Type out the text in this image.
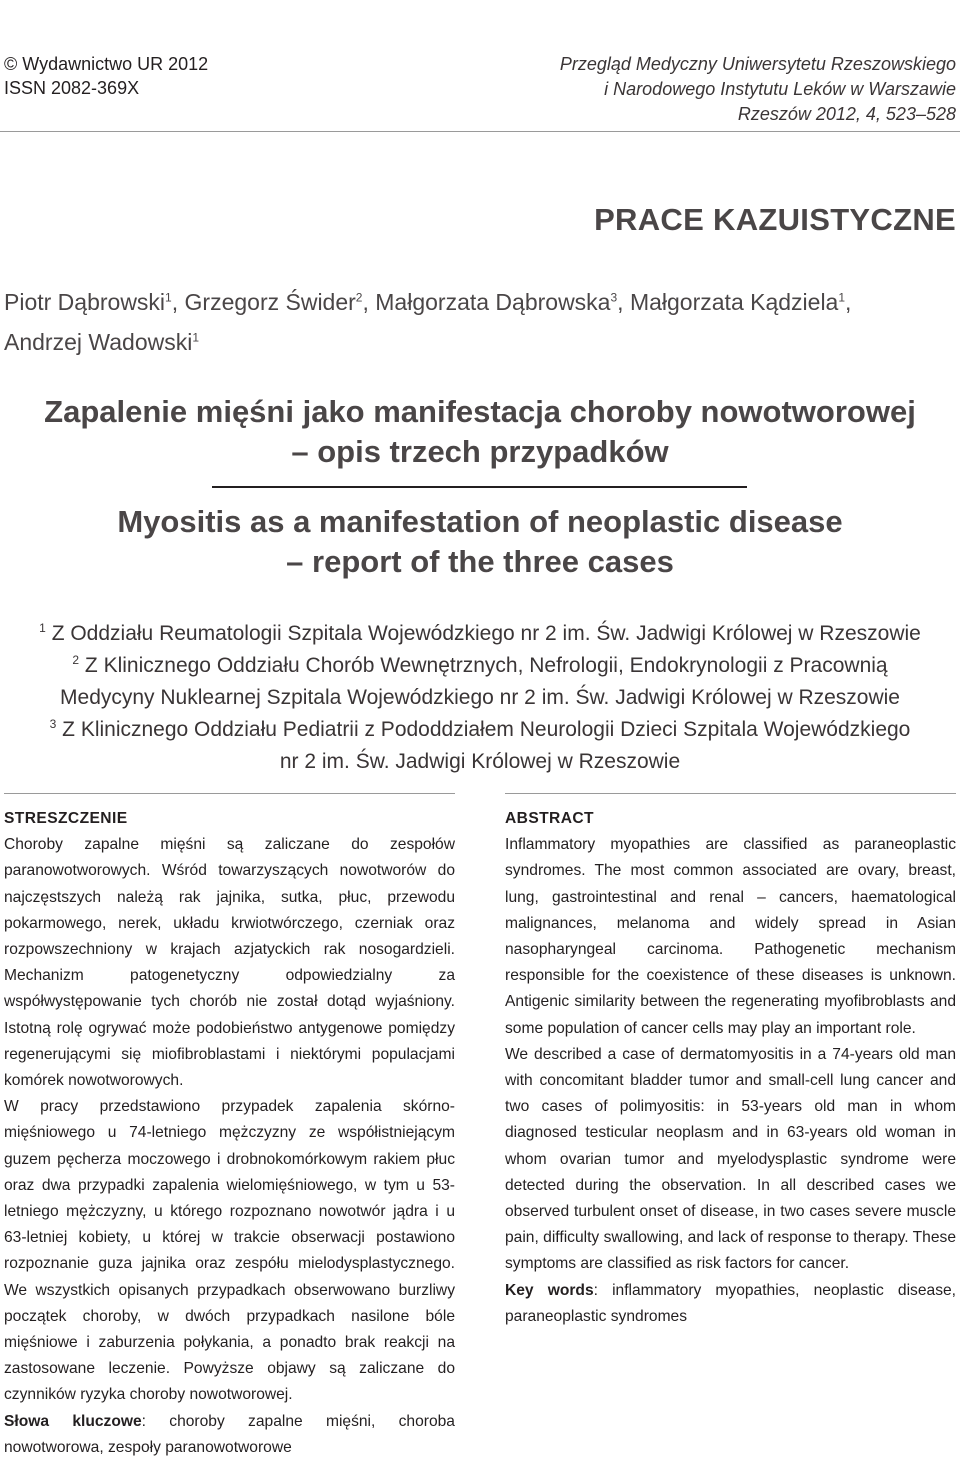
© Wydawnictwo UR 2012
ISSN 2082-369X
Przegląd Medyczny Uniwersytetu Rzeszowskiego
i Narodowego Instytutu Leków w Warszawie
Rzeszów 2012, 4, 523–528
PRACE KAZUISTYCZNE
Piotr Dąbrowski$^1$, Grzegorz Świder$^2$, Małgorzata Dąbrowska$^3$, Małgorzata Kądziela$^1$,
Andrzej Wadowski$^1$
Zapalenie mięśni jako manifestacja choroby nowotworowej
– opis trzech przypadków
Myositis as a manifestation of neoplastic disease
– report of the three cases
$^1$ Z Oddziału Reumatologii Szpitala Wojewódzkiego nr 2 im. Św. Jadwigi Królowej w Rzeszowie
$^2$ Z Klinicznego Oddziału Chorób Wewnętrznych, Nefrologii, Endokrynologii z Pracownią
Medycyny Nuklearnej Szpitala Wojewódzkiego nr 2 im. Św. Jadwigi Królowej w Rzeszowie
$^3$ Z Klinicznego Oddziału Pediatrii z Pododdziałem Neurologii Dzieci Szpitala Wojewódzkiego
nr 2 im. Św. Jadwigi Królowej w Rzeszowie
STRESZCZENIE

Choroby zapalne mięśni są zaliczane do zespołów paranowotworowych. Wśród towarzyszących nowotworów do najczęstszych należą rak jajnika, sutka, płuc, przewodu pokarmowego, nerek, układu krwiotwórczego, czerniak oraz rozpowszechniony w krajach azjatyckich rak nosogardzieli. Mechanizm patogenetyczny odpowiedzialny za współwystępowanie tych chorób nie został dotąd wyjaśniony. Istotną rolę ogrywać może podobieństwo antygenowe pomiędzy regenerującymi się miofibroblastami i niektórymi populacjami komórek nowotworowych.

W pracy przedstawiono przypadek zapalenia skórno-mięśniowego u 74-letniego mężczyzny ze współistniejącym guzem pęcherza moczowego i drobnokomórkowym rakiem płuc oraz dwa przypadki zapalenia wielomięśniowego, w tym u 53-letniego mężczyzny, u którego rozpoznano nowotwór jądra i u 63-letniej kobiety, u której w trakcie obserwacji postawiono rozpoznanie guza jajnika oraz zespółu mielodysplastycznego. We wszystkich opisanych przypadkach obserwowano burzliwy początek choroby, w dwóch przypadkach nasilone bóle mięśniowe i zaburzenia połykania, a ponadto brak reakcji na zastosowane leczenie. Powyższe objawy są zaliczane do czynników ryzyka choroby nowotworowej.

Słowa kluczowe: choroby zapalne mięśni, choroba nowotworowa, zespoły paranowotworowe

ABSTRACT

Inflammatory myopathies are classified as paraneoplastic syndromes. The most common associated are ovary, breast, lung, gastrointestinal and renal – cancers, haematological malignances, melanoma and widely spread in Asian nasopharyngeal carcinoma. Pathogenetic mechanism responsible for the coexistence of these diseases is unknown. Antigenic similarity between the regenerating myofibroblasts and some population of cancer cells may play an important role.

We described a case of dermatomyositis in a 74-years old man with concomitant bladder tumor and small-cell lung cancer and two cases of polimyositis: in 53-years old man in whom diagnosed testicular neoplasm and in 63-years old woman in whom ovarian tumor and myelodysplastic syndrome were detected during the observation. In all described cases we observed turbulent onset of disease, in two cases severe muscle pain, difficulty swallowing, and lack of response to therapy. These symptoms are classified as risk factors for cancer.

Key words: inflammatory myopathies, neoplastic disease, paraneoplastic syndromes
